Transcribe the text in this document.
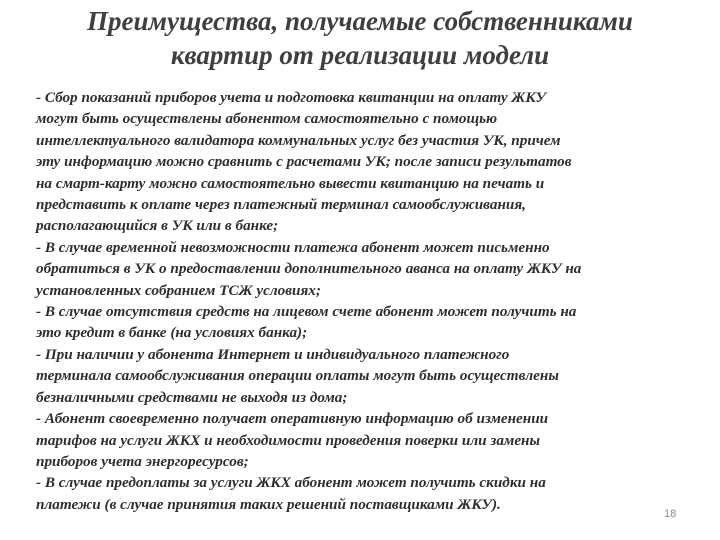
Преимущества, получаемые собственниками
квартир от реализации модели
- Сбор показаний приборов учета и подготовка квитанции на оплату ЖКУ
могут быть осуществлены абонентом самостоятельно с помощью
интеллектуального валидатора коммунальных услуг без участия УК, причем
эту информацию можно сравнить с расчетами УК; после записи результатов
на смарт-карту можно самостоятельно вывести квитанцию на печать и
представить к оплате через платежный терминал самообслуживания,
располагающийся в УК или в банке;
- В случае временной невозможности платежа абонент может письменно
обратиться в УК о предоставлении дополнительного аванса на оплату ЖКУ на
установленных собранием ТСЖ условиях;
- В случае отсутствия средств на лицевом счете абонент может получить на
это кредит в банке (на условиях банка);
- При наличии у абонента Интернет и индивидуального платежного
терминала самообслуживания операции оплаты могут быть осуществлены
безналичными средствами не выходя из дома;
- Абонент своевременно получает оперативную информацию об изменении
тарифов на услуги ЖКХ и необходимости проведения поверки или замены
приборов учета энергоресурсов;
- В случае предоплаты за услуги ЖКХ абонент может получить скидки на
платежи (в случае принятия таких решений поставщиками ЖКУ).
18
